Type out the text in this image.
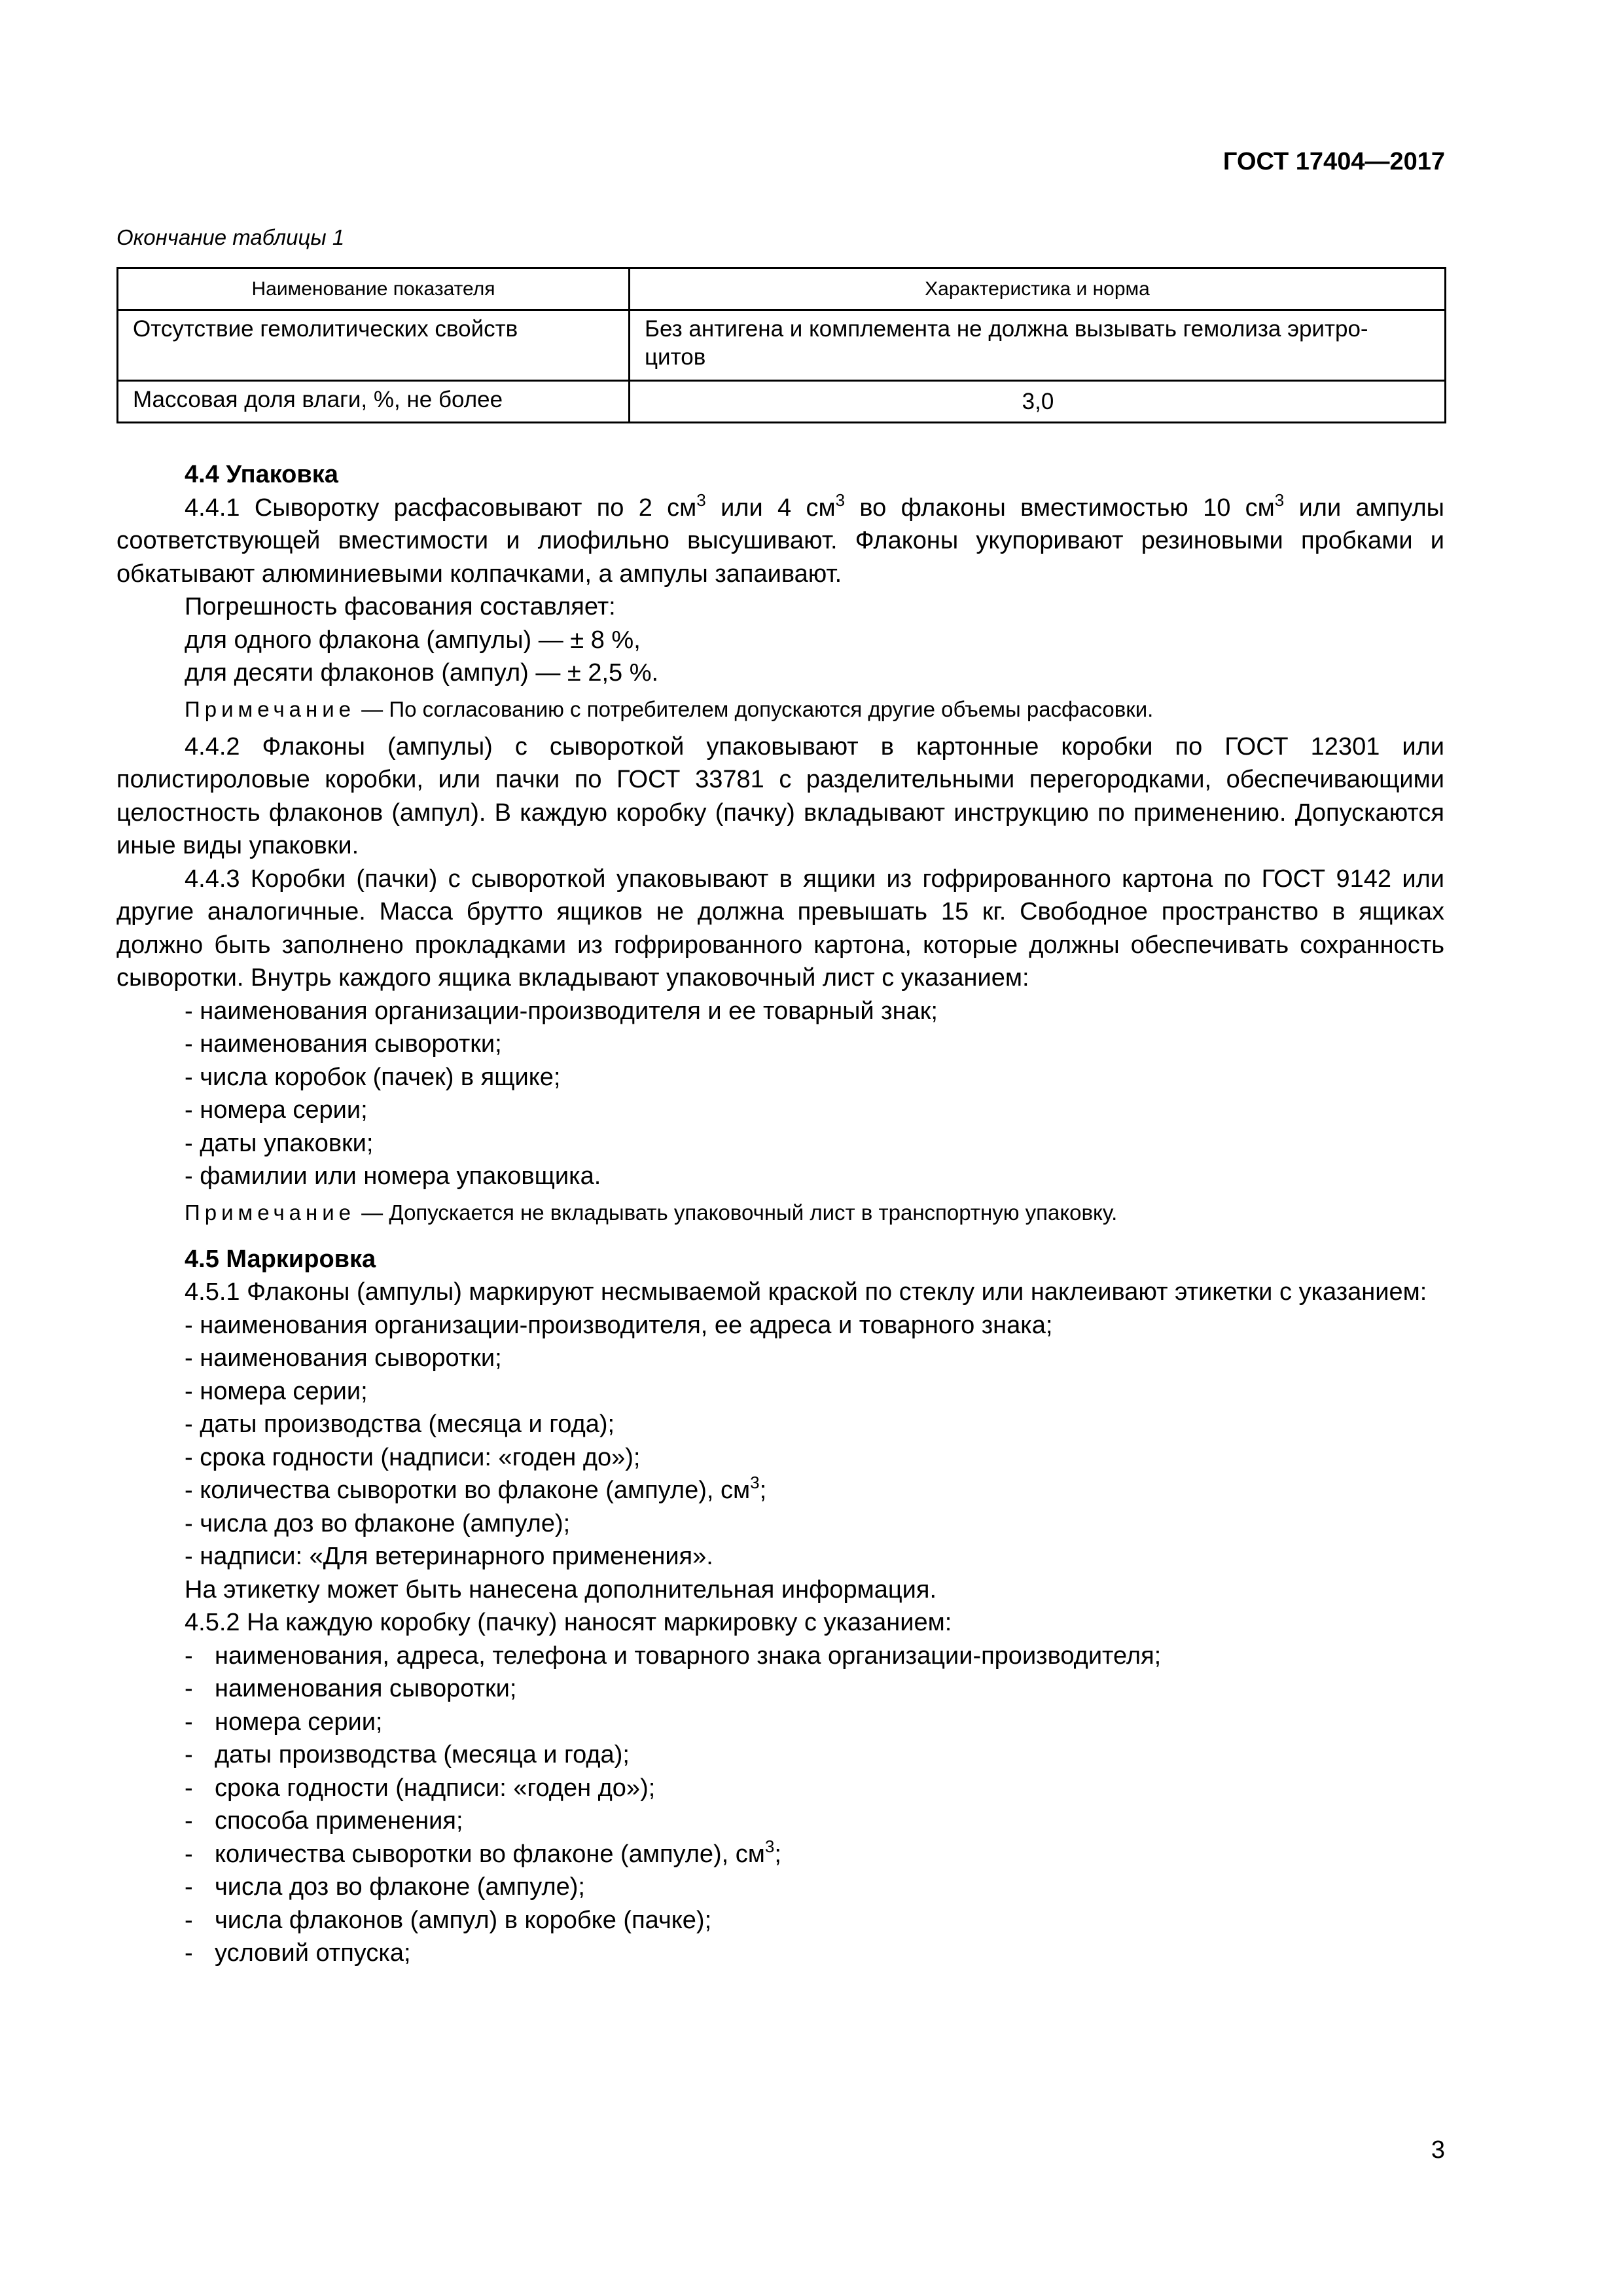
ГОСТ 17404—2017
Окончание таблицы 1
Наименование показателя	Характеристика и норма
Отсутствие гемолитических свойств	Без антигена и комплемента не должна вызывать гемолиза эритро-
цитов
Массовая доля влаги, %, не более	3,0

4.4 Упаковка

4.4.1 Сыворотку расфасовывают по 2 $см^3$ или 4 $см^3$ во флаконы вместимостью 10 $см^3$ или ампулы соответствующей вместимости и лиофильно высушивают. Флаконы укупоривают резиновыми пробками и обкатывают алюминиевыми колпачками, а ампулы запаивают.

Погрешность фасования составляет:

для одного флакона (ампулы) — ± 8 %,

для десяти флаконов (ампул) — ± 2,5 %.

Примечание — По согласованию с потребителем допускаются другие объемы расфасовки.

4.4.2 Флаконы (ампулы) с сывороткой упаковывают в картонные коробки по ГОСТ 12301 или полистироловые коробки, или пачки по ГОСТ 33781 с разделительными перегородками, обеспечивающими целостность флаконов (ампул). В каждую коробку (пачку) вкладывают инструкцию по применению. Допускаются иные виды упаковки.

4.4.3 Коробки (пачки) с сывороткой упаковывают в ящики из гофрированного картона по ГОСТ 9142 или другие аналогичные. Масса брутто ящиков не должна превышать 15 кг. Свободное пространство в ящиках должно быть заполнено прокладками из гофрированного картона, которые должны обеспечивать сохранность сыворотки. Внутрь каждого ящика вкладывают упаковочный лист с указанием:

- наименования организации-производителя и ее товарный знак;

- наименования сыворотки;

- числа коробок (пачек) в ящике;

- номера серии;

- даты упаковки;

- фамилии или номера упаковщика.

Примечание — Допускается не вкладывать упаковочный лист в транспортную упаковку.

4.5 Маркировка

4.5.1 Флаконы (ампулы) маркируют несмываемой краской по стеклу или наклеивают этикетки с указанием:

- наименования организации-производителя, ее адреса и товарного знака;

- наименования сыворотки;

- номера серии;

- даты производства (месяца и года);

- срока годности (надписи: «годен до»);

- количества сыворотки во флаконе (ампуле), $см^3$;

- числа доз во флаконе (ампуле);

- надписи: «Для ветеринарного применения».

На этикетку может быть нанесена дополнительная информация.

4.5.2 На каждую коробку (пачку) наносят маркировку с указанием:

- наименования, адреса, телефона и товарного знака организации-производителя;

- наименования сыворотки;

- номера серии;

- даты производства (месяца и года);

- срока годности (надписи: «годен до»);

- способа применения;

- количества сыворотки во флаконе (ампуле), $см^3$;

- числа доз во флаконе (ампуле);

- числа флаконов (ампул) в коробке (пачке);

- условий отпуска;

3
